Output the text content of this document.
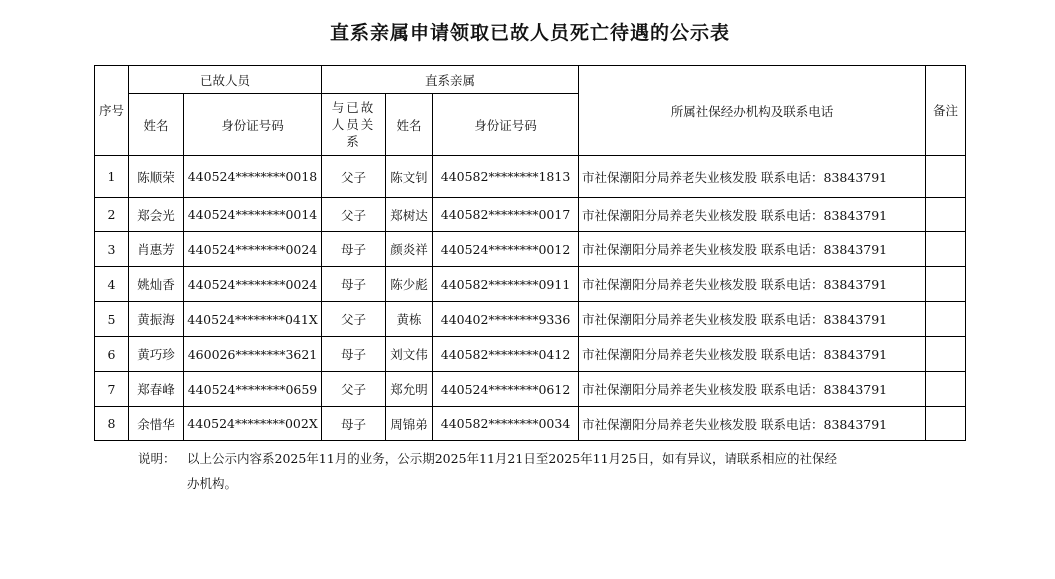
直系亲属申请领取已故人员死亡待遇的公示表
序号	已故人员		直系亲属			所属社保经办机构及联系电话	备注
	姓名	身份证号码	与已故人员关系	姓名	身份证号码		
1	陈顺荣	440524********0018	父子	陈文钊	440582********1813	市社保潮阳分局养老失业核发股 联系电话：83843791	
2	郑会光	440524********0014	父子	郑树达	440582********0017	市社保潮阳分局养老失业核发股 联系电话：83843791	
3	肖惠芳	440524********0024	母子	颜炎祥	440524********0012	市社保潮阳分局养老失业核发股 联系电话：83843791	
4	姚灿香	440524********0024	母子	陈少彪	440582********0911	市社保潮阳分局养老失业核发股 联系电话：83843791	
5	黄振海	440524********041X	父子	黄栋	440402********9336	市社保潮阳分局养老失业核发股 联系电话：83843791	
6	黄巧珍	460026********3621	母子	刘文伟	440582********0412	市社保潮阳分局养老失业核发股 联系电话：83843791	
7	郑春峰	440524********0659	父子	郑允明	440524********0612	市社保潮阳分局养老失业核发股 联系电话：83843791	
8	余惜华	440524********002X	母子	周锦弟	440582********0034	市社保潮阳分局养老失业核发股 联系电话：83843791	
说明： 以上公示内容系2025年11月的业务，公示期2025年11月21日至2025年11月25日，如有异议，请联系相应的社保经办机构。
